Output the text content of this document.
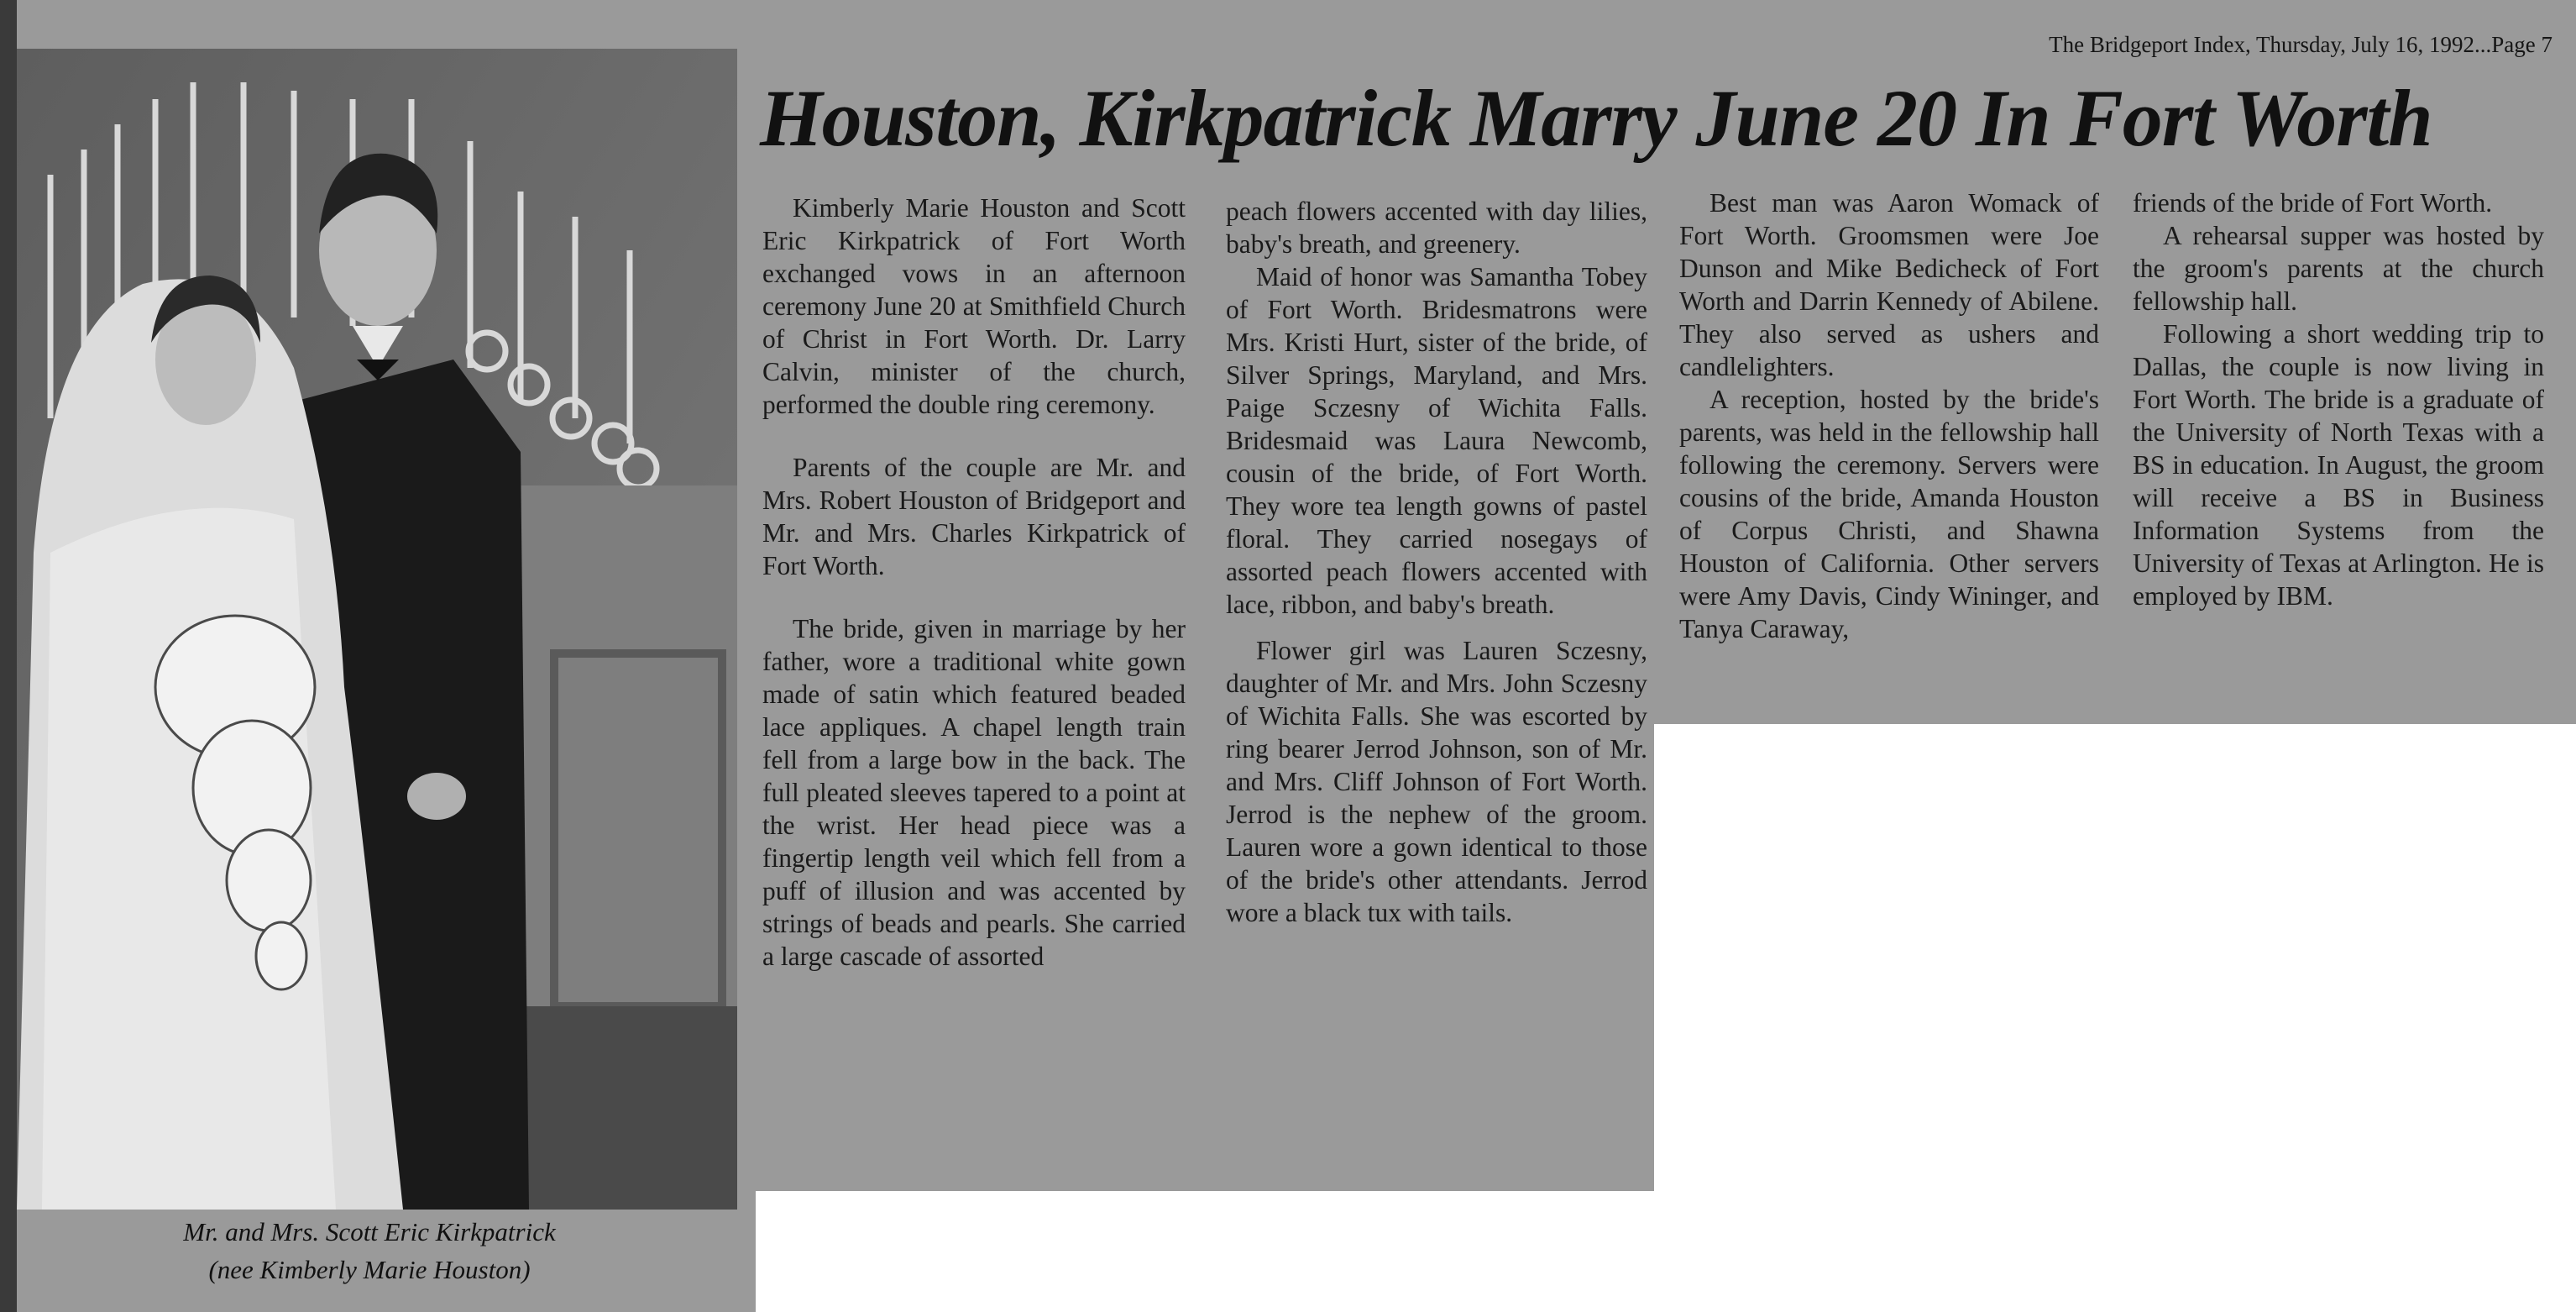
The Bridgeport Index, Thursday, July 16, 1992...Page 7
Houston, Kirkpatrick Marry June 20 In Fort Worth

Mr. and Mrs. Scott Eric Kirkpatrick

(nee Kimberly Marie Houston)

Kimberly Marie Houston and Scott Eric Kirkpatrick of Fort Worth exchanged vows in an afternoon ceremony June 20 at Smithfield Church of Christ in Fort Worth. Dr. Larry Calvin, minister of the church, performed the double ring ceremony.

Parents of the couple are Mr. and Mrs. Robert Houston of Bridgeport and Mr. and Mrs. Charles Kirkpatrick of Fort Worth.

The bride, given in marriage by her father, wore a traditional white gown made of satin which featured beaded lace appliques. A chapel length train fell from a large bow in the back. The full pleated sleeves tapered to a point at the wrist. Her head piece was a fingertip length veil which fell from a puff of illusion and was accented by strings of beads and pearls. She carried a large cascade of assorted

peach flowers accented with day lilies, baby's breath, and greenery.

Maid of honor was Samantha Tobey of Fort Worth. Bridesmatrons were Mrs. Kristi Hurt, sister of the bride, of Silver Springs, Maryland, and Mrs. Paige Sczesny of Wichita Falls. Bridesmaid was Laura Newcomb, cousin of the bride, of Fort Worth. They wore tea length gowns of pastel floral. They carried nosegays of assorted peach flowers accented with lace, ribbon, and baby's breath.

Flower girl was Lauren Sczesny, daughter of Mr. and Mrs. John Sczesny of Wichita Falls. She was escorted by ring bearer Jerrod Johnson, son of Mr. and Mrs. Cliff Johnson of Fort Worth. Jerrod is the nephew of the groom. Lauren wore a gown identical to those of the bride's other attendants. Jerrod wore a black tux with tails.

Best man was Aaron Womack of Fort Worth. Groomsmen were Joe Dunson and Mike Bedicheck of Fort Worth and Darrin Kennedy of Abilene. They also served as ushers and candlelighters.

A reception, hosted by the bride's parents, was held in the fellowship hall following the ceremony. Servers were cousins of the bride, Amanda Houston of Corpus Christi, and Shawna Houston of California. Other servers were Amy Davis, Cindy Wininger, and Tanya Caraway,

friends of the bride of Fort Worth.

A rehearsal supper was hosted by the groom's parents at the church fellowship hall.

Following a short wedding trip to Dallas, the couple is now living in Fort Worth. The bride is a graduate of the University of North Texas with a BS in education. In August, the groom will receive a BS in Business Information Systems from the University of Texas at Arlington. He is employed by IBM.
